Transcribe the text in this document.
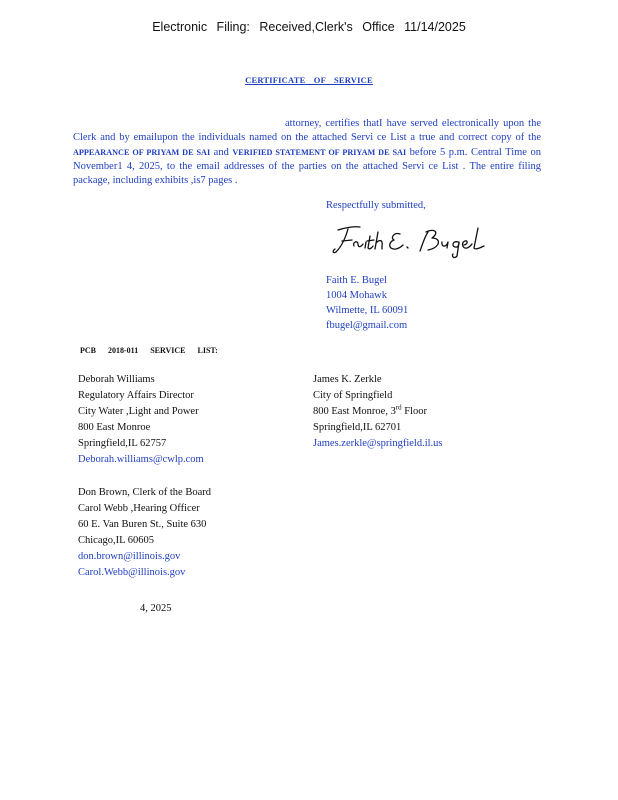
Electronic Filing: Received,Clerk's Office 11/14/2025
CERTIFICATE OF SERVICE
attorney, certifies thatI have served electronically upon the Clerk and by emailupon the individuals named on the attached Servi ce List a true and correct copy of the APPEARANCE OF PRIYAM DE SAI and VERIFIED STATEMENT OF PRIYAM DE SAI before 5 p.m. Central Time on November1 4, 2025, to the email addresses of the parties on the attached Servi ce List . The entire filing package, including exhibits ,is7 pages .
Respectfully submitted,
Faith E. Bugel
1004 Mohawk
Wilmette, IL 60091
fbugel@gmail.com
PCB 2018-011 SERVICE LIST:
Deborah Williams
Regulatory Affairs Director
City Water ,Light and Power
800 East Monroe
Springfield,IL 62757
Deborah.williams@cwlp.com
James K. Zerkle
City of Springfield
800 East Monroe, 3rd Floor
Springfield,IL 62701
James.zerkle@springfield.il.us
Don Brown, Clerk of the Board
Carol Webb ,Hearing Officer
60 E. Van Buren St., Suite 630
Chicago,IL 60605
don.brown@illinois.gov
Carol.Webb@illinois.gov
4, 2025
